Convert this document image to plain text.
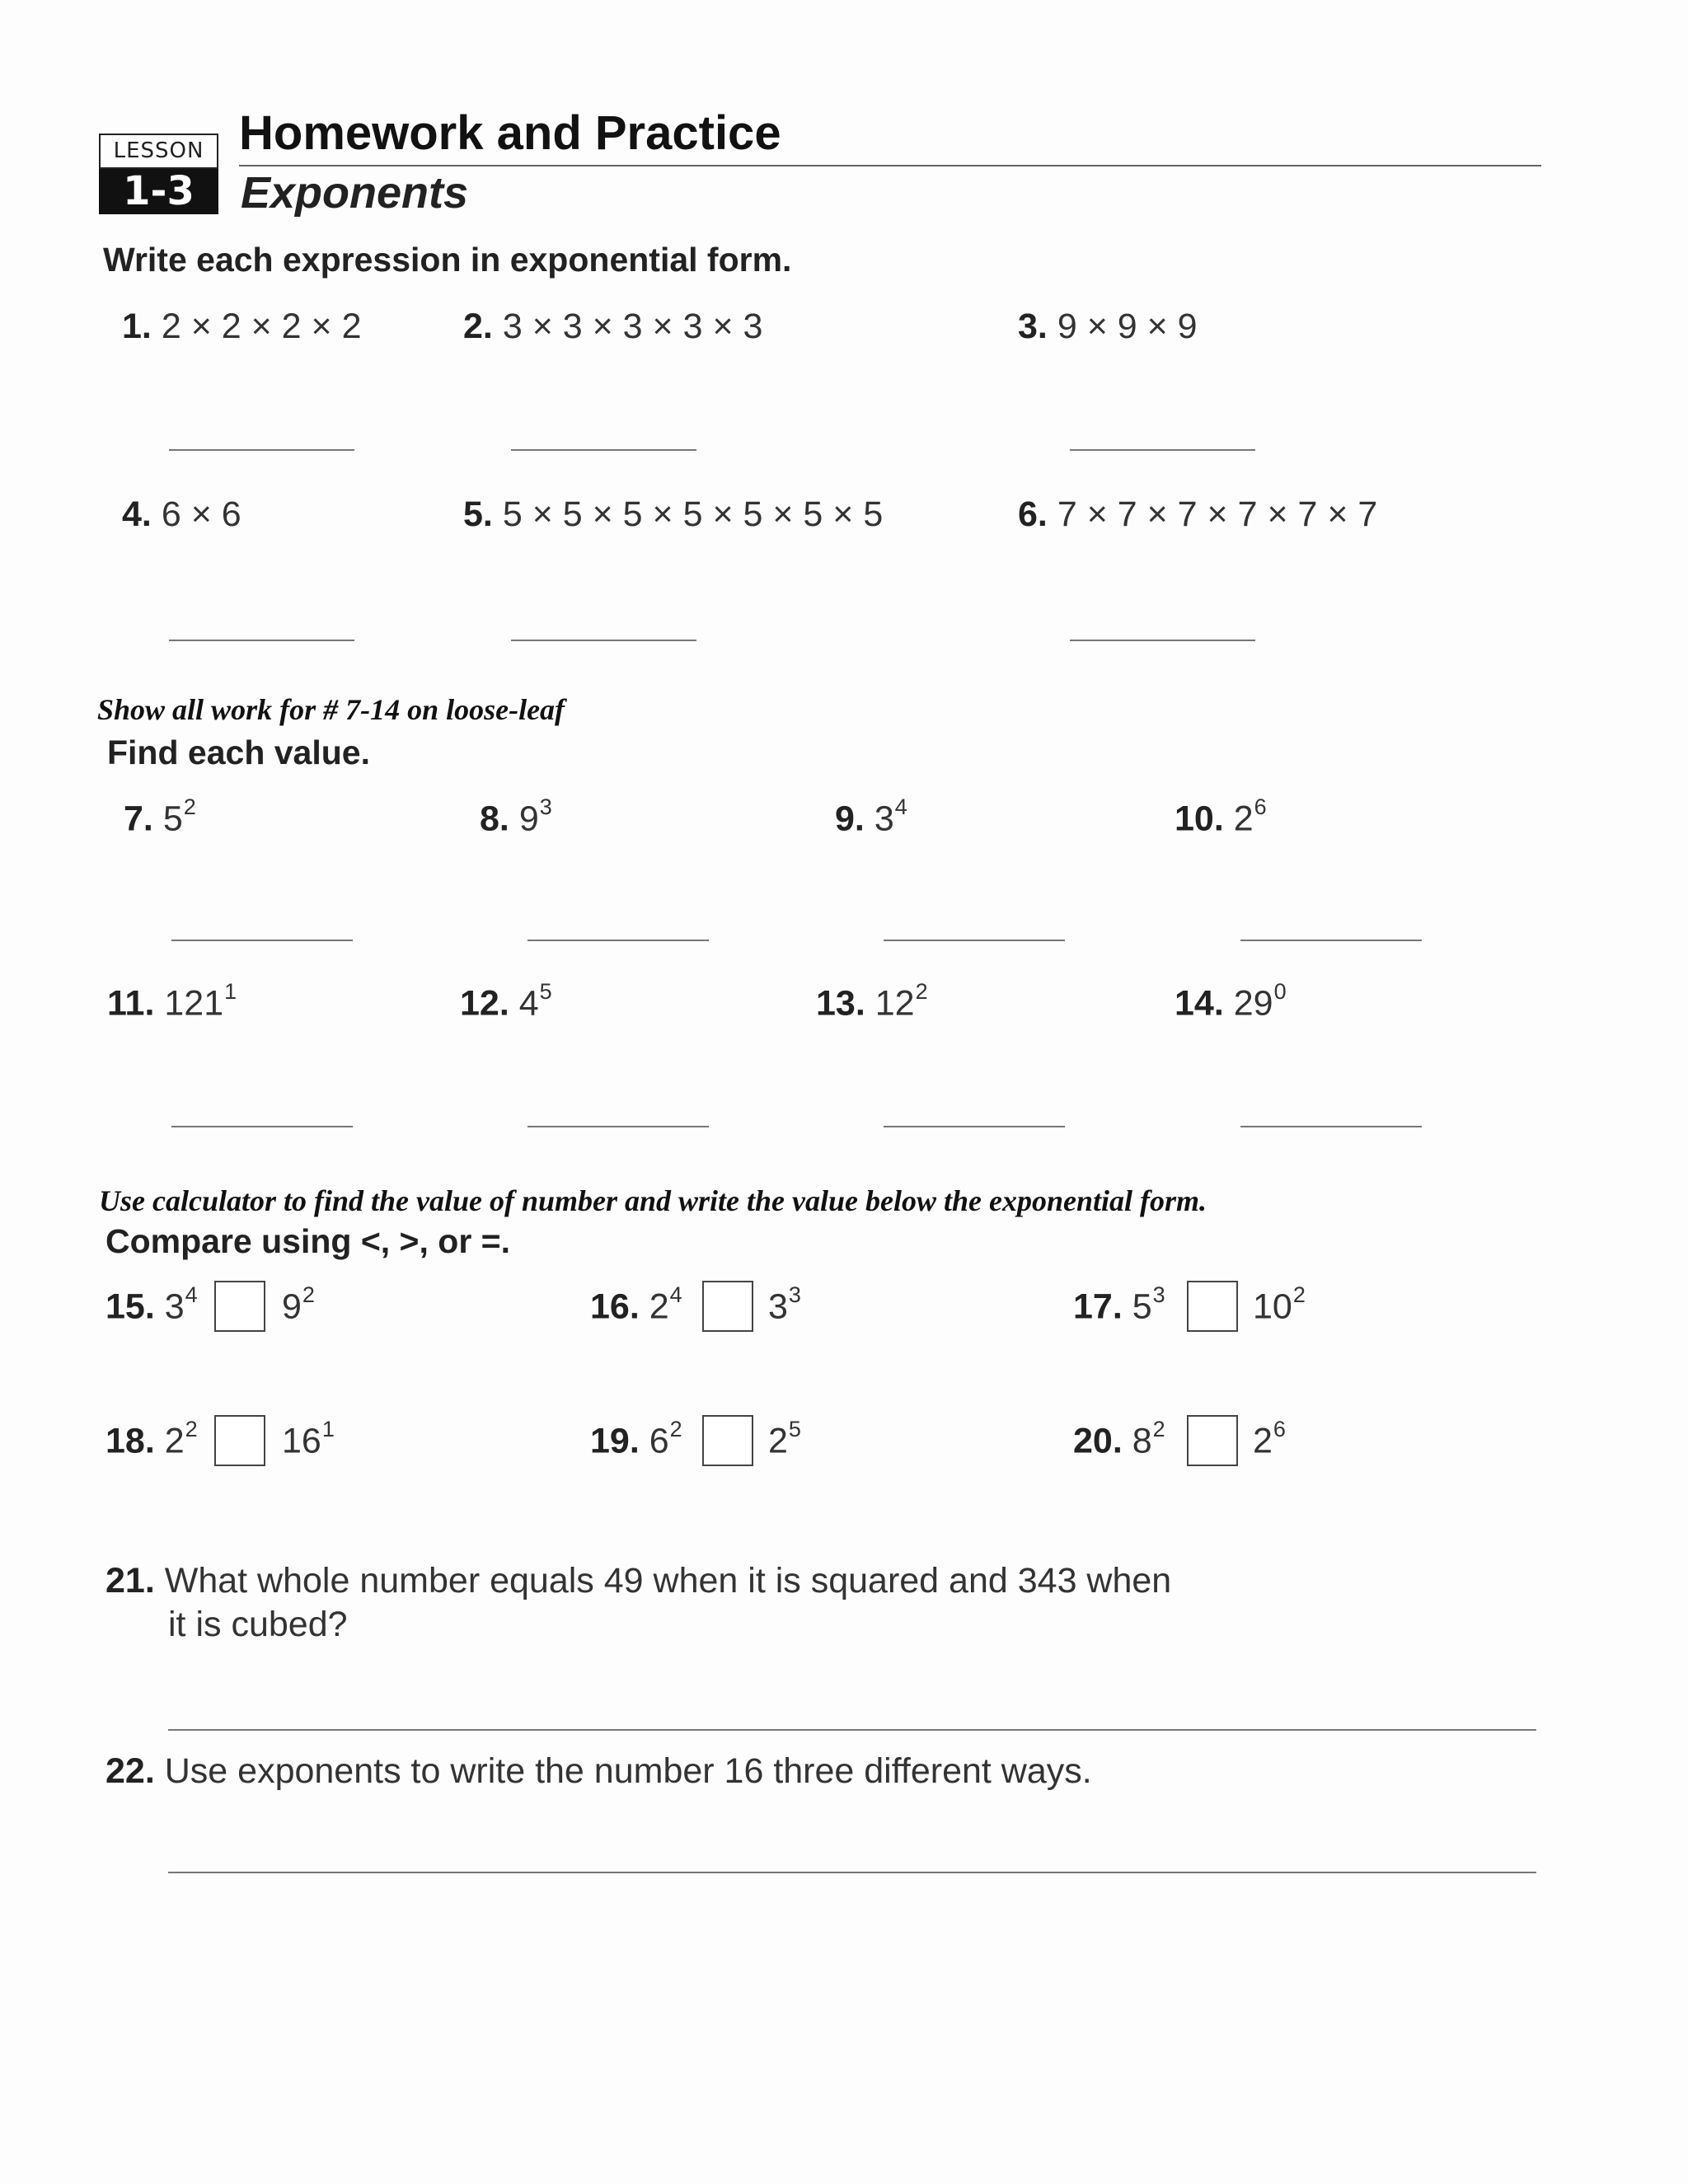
LESSON
1-3
Homework and Practice
Exponents
Write each expression in exponential form.
1. 2 × 2 × 2 × 2	2. 3 × 3 × 3 × 3 × 3	3. 9 × 9 × 9
4. 6 × 6	5. 5 × 5 × 5 × 5 × 5 × 5 × 5	6. 7 × 7 × 7 × 7 × 7 × 7
Show all work for # 7-14 on loose-leaf
Find each value.
7. $5^2$	8. $9^3$	9. $3^4$	10. $2^6$
11. $121^1$	12. $4^5$	13. $12^2$	14. $29^0$
Use calculator to find the value of number and write the value below the exponential form.
Compare using <, >, or =.
15. $3^4$ $9^2$	16. $2^4$ $3^3$	17. $5^3$ $10^2$
18. $2^2$ $16^1$	19. $6^2$ $2^5$	20. $8^2$ $2^6$
21. What whole number equals 49 when it is squared and 343 when
it is cubed?
22. Use exponents to write the number 16 three different ways.
